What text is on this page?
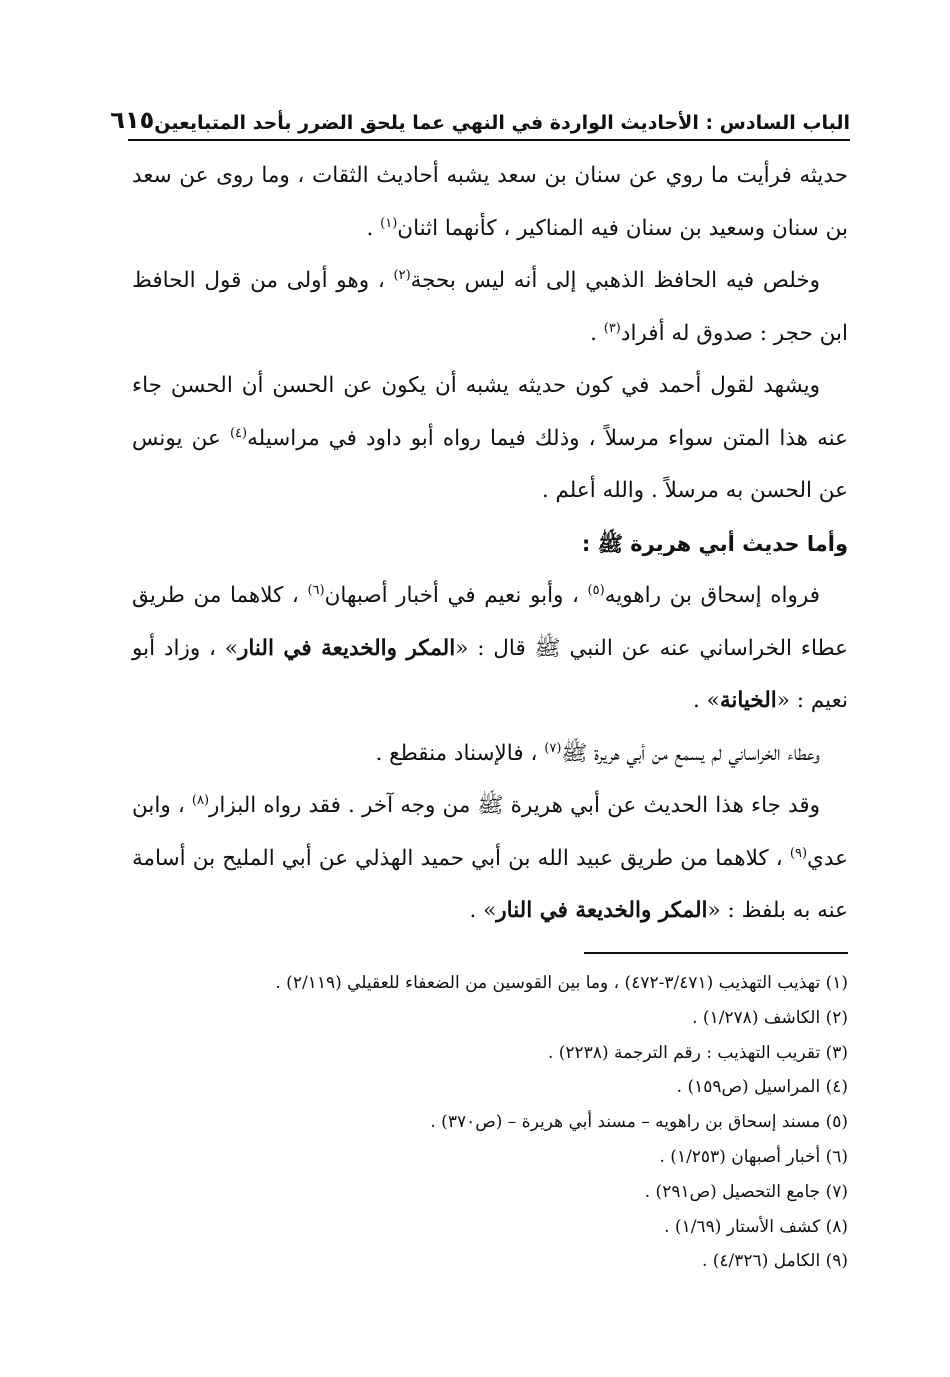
الباب السادس : الأحاديث الواردة في النهي عما يلحق الضرر بأحد المتبايعين
٦١٥

حديثه فرأيت ما روي عن سنان بن سعد يشبه أحاديث الثقات ، وما روى عن سعد بن سنان وسعيد بن سنان فيه المناكير ، كأنهما اثنان$^{(١)}$ .

وخلص فيه الحافظ الذهبي إلى أنه ليس بحجة$^{(٢)}$ ، وهو أولى من قول الحافظ ابن حجر : صدوق له أفراد$^{(٣)}$ .

ويشهد لقول أحمد في كون حديثه يشبه أن يكون عن الحسن أن الحسن جاء عنه هذا المتن سواء مرسلاً ، وذلك فيما رواه أبو داود في مراسيله$^{(٤)}$ عن يونس عن الحسن به مرسلاً . والله أعلم .

وأما حديث أبي هريرة ﷺ :

فرواه إسحاق بن راهويه$^{(٥)}$ ، وأبو نعيم في أخبار أصبهان$^{(٦)}$ ، كلاهما من طريق عطاء الخراساني عنه عن النبي ﷺ قال : «المكر والخديعة في النار» ، وزاد أبو نعيم : «الخيانة» .

وعطاء الخراساني لم يسمع من أبي هريرة ﷺ$^{(٧)}$ ، فالإسناد منقطع .

وقد جاء هذا الحديث عن أبي هريرة ﷺ من وجه آخر . فقد رواه البزار$^{(٨)}$ ، وابن عدي$^{(٩)}$ ، كلاهما من طريق عبيد الله بن أبي حميد الهذلي عن أبي المليح بن أسامة عنه به بلفظ : «المكر والخديعة في النار» .

(١) تهذيب التهذيب (٣/٤٧١-٤٧٢) ، وما بين القوسين من الضعفاء للعقيلي (٢/١١٩) .
(٢) الكاشف (١/٢٧٨) .
(٣) تقريب التهذيب : رقم الترجمة (٢٢٣٨) .
(٤) المراسيل (ص١٥٩) .
(٥) مسند إسحاق بن راهويه – مسند أبي هريرة – (ص٣٧٠) .
(٦) أخبار أصبهان (١/٢٥٣) .
(٧) جامع التحصيل (ص٢٩١) .
(٨) كشف الأستار (١/٦٩) .
(٩) الكامل (٤/٣٢٦) .
